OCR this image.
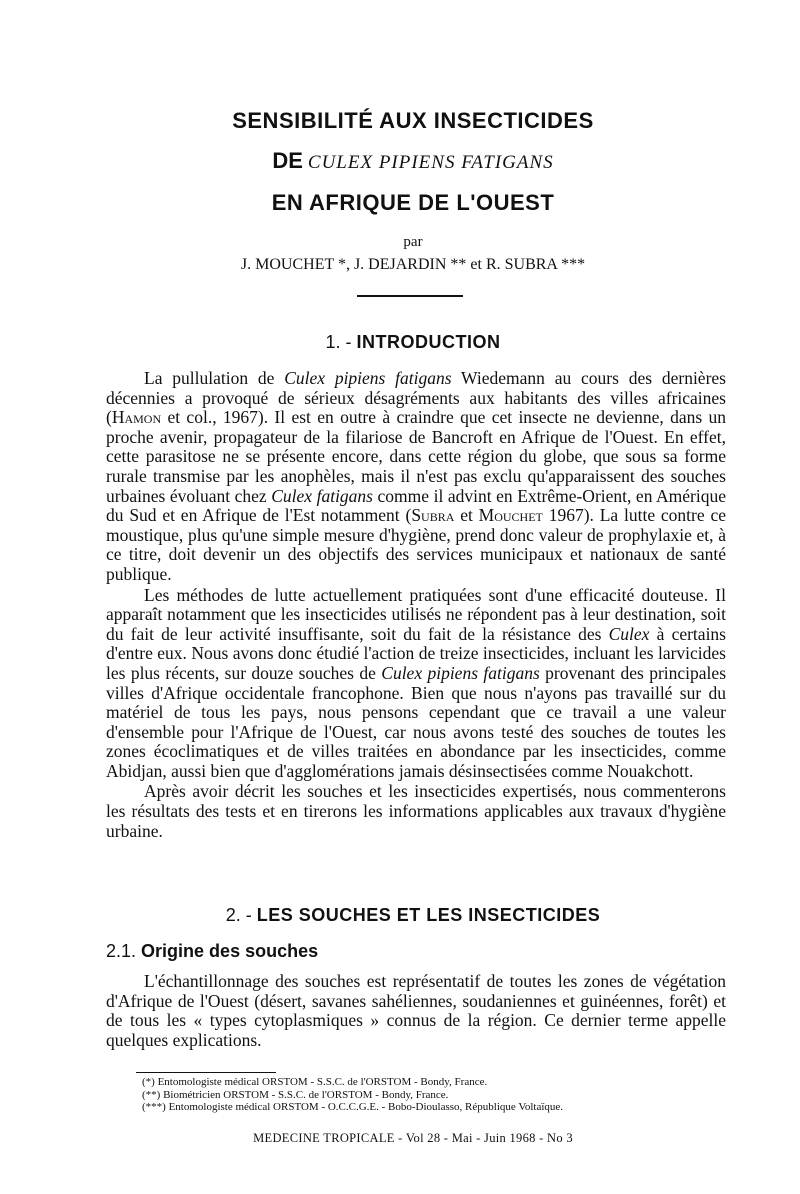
SENSIBILITÉ AUX INSECTICIDES
DE CULEX PIPIENS FATIGANS
EN AFRIQUE DE L'OUEST
par
J. MOUCHET *, J. DEJARDIN ** et R. SUBRA ***
1. - INTRODUCTION

La pullulation de Culex pipiens fatigans Wiedemann au cours des dernières décennies a provoqué de sérieux désagréments aux habitants des villes africaines (Hamon et col., 1967). Il est en outre à craindre que cet insecte ne devienne, dans un proche avenir, propagateur de la filariose de Bancroft en Afrique de l'Ouest. En effet, cette parasitose ne se présente encore, dans cette région du globe, que sous sa forme rurale transmise par les anophèles, mais il n'est pas exclu qu'apparaissent des souches urbaines évoluant chez Culex fatigans comme il advint en Extrême-Orient, en Amérique du Sud et en Afrique de l'Est notamment (Subra et Mouchet 1967). La lutte contre ce moustique, plus qu'une simple mesure d'hygiène, prend donc valeur de prophylaxie et, à ce titre, doit devenir un des objectifs des services municipaux et nationaux de santé publique.

Les méthodes de lutte actuellement pratiquées sont d'une efficacité douteuse. Il apparaît notamment que les insecticides utilisés ne répondent pas à leur destination, soit du fait de leur activité insuffisante, soit du fait de la résistance des Culex à certains d'entre eux. Nous avons donc étudié l'action de treize insecticides, incluant les larvicides les plus récents, sur douze souches de Culex pipiens fatigans provenant des principales villes d'Afrique occidentale francophone. Bien que nous n'ayons pas travaillé sur du matériel de tous les pays, nous pensons cependant que ce travail a une valeur d'ensemble pour l'Afrique de l'Ouest, car nous avons testé des souches de toutes les zones écoclimatiques et de villes traitées en abondance par les insecticides, comme Abidjan, aussi bien que d'agglomérations jamais désinsectisées comme Nouakchott.

Après avoir décrit les souches et les insecticides expertisés, nous commenterons les résultats des tests et en tirerons les informations applicables aux travaux d'hygiène urbaine.

2. - LES SOUCHES ET LES INSECTICIDES
2.1. Origine des souches

L'échantillonnage des souches est représentatif de toutes les zones de végétation d'Afrique de l'Ouest (désert, savanes sahéliennes, soudaniennes et guinéennes, forêt) et de tous les « types cytoplasmiques » connus de la région. Ce dernier terme appelle quelques explications.

(*) Entomologiste médical ORSTOM - S.S.C. de l'ORSTOM - Bondy, France.
(**) Biométricien ORSTOM - S.S.C. de l'ORSTOM - Bondy, France.
(***) Entomologiste médical ORSTOM - O.C.C.G.E. - Bobo-Dioulasso, République Voltaïque.
MEDECINE TROPICALE - Vol 28 - Mai - Juin 1968 - No 3
